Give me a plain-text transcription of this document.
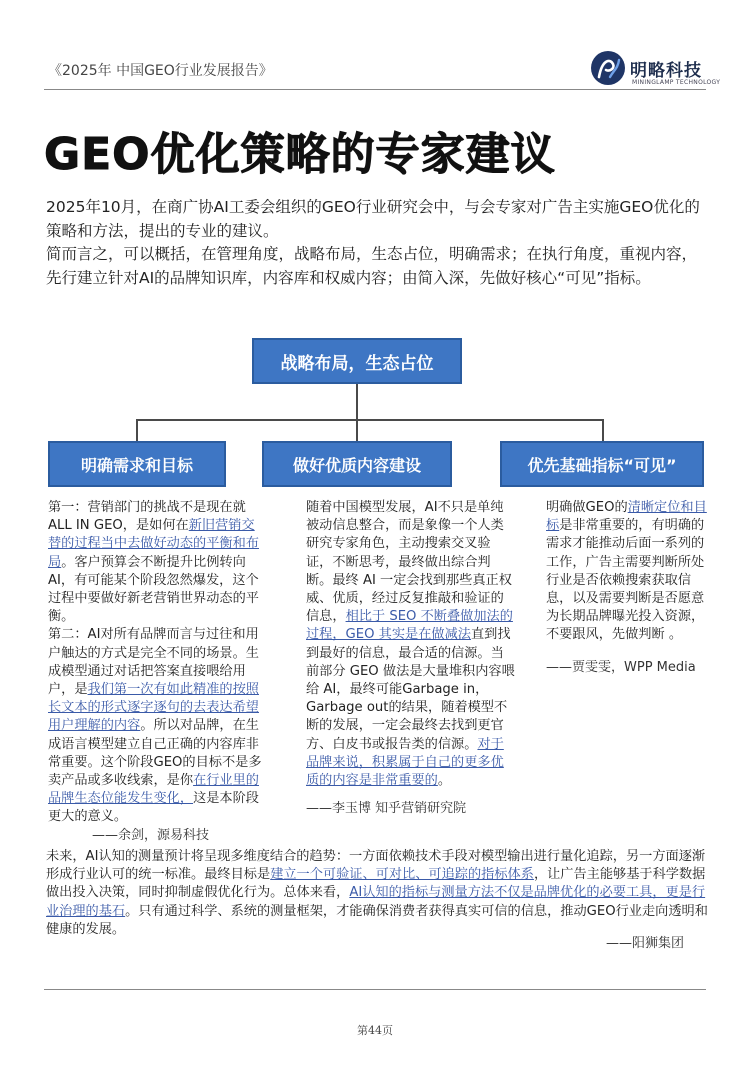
《2025年 中国GEO行业发展报告》	明略科技
MININGLAMP TECHNOLOGY
GEO优化策略的专家建议

2025年10月，在商广协AI工委会组织的GEO行业研究会中，与会专家对广告主实施GEO优化的策略和方法，提出的专业的建议。

简而言之，可以概括，在管理角度，战略布局，生态占位，明确需求；在执行角度，重视内容，先行建立针对AI的品牌知识库，内容库和权威内容；由简入深，先做好核心“可见”指标。

战略布局，生态占位
明确需求和目标	做好优质内容建设	优先基础指标“可见”

第一：营销部门的挑战不是现在就ALL IN GEO，是如何在新旧营销交替的过程当中去做好动态的平衡和布局。客户预算会不断提升比例转向AI，有可能某个阶段忽然爆发，这个过程中要做好新老营销世界动态的平衡。

第二：AI对所有品牌而言与过往和用户触达的方式是完全不同的场景。生成模型通过对话把答案直接喂给用户，是我们第一次有如此精准的按照长文本的形式逐字逐句的去表达希望用户理解的内容。所以对品牌，在生成语言模型建立自己正确的内容库非常重要。这个阶段GEO的目标不是多卖产品或多收线索，是你在行业里的品牌生态位能发生变化，这是本阶段更大的意义。

——余剑，源易科技

随着中国模型发展，AI不只是单纯被动信息整合，而是象像一个人类研究专家角色，主动搜索交叉验证，不断思考，最终做出综合判断。最终 AI 一定会找到那些真正权威、优质，经过反复推敲和验证的信息，相比于 SEO 不断叠做加法的过程，GEO 其实是在做减法直到找到最好的信息，最合适的信源。当前部分 GEO 做法是大量堆积内容喂给 AI，最终可能Garbage in，Garbage out的结果，随着模型不断的发展，一定会最终去找到更官方、白皮书或报告类的信源。对于品牌来说，积累属于自己的更多优质的内容是非常重要的。

——李玉博 知乎营销研究院

明确做GEO的清晰定位和目标是非常重要的，有明确的需求才能推动后面一系列的工作，广告主需要判断所处行业是否依赖搜索获取信息，以及需要判断是否愿意为长期品牌曝光投入资源，不要跟风，先做判断 。

——贾雯雯，WPP Media

未来，AI认知的测量预计将呈现多维度结合的趋势：一方面依赖技术手段对模型输出进行量化追踪，另一方面逐渐形成行业认可的统一标准。最终目标是建立一个可验证、可对比、可追踪的指标体系，让广告主能够基于科学数据做出投入决策，同时抑制虚假优化行为。总体来看，AI认知的指标与测量方法不仅是品牌优化的必要工具，更是行业治理的基石。只有通过科学、系统的测量框架，才能确保消费者获得真实可信的信息，推动GEO行业走向透明和健康的发展。
——阳狮集团
第44页
